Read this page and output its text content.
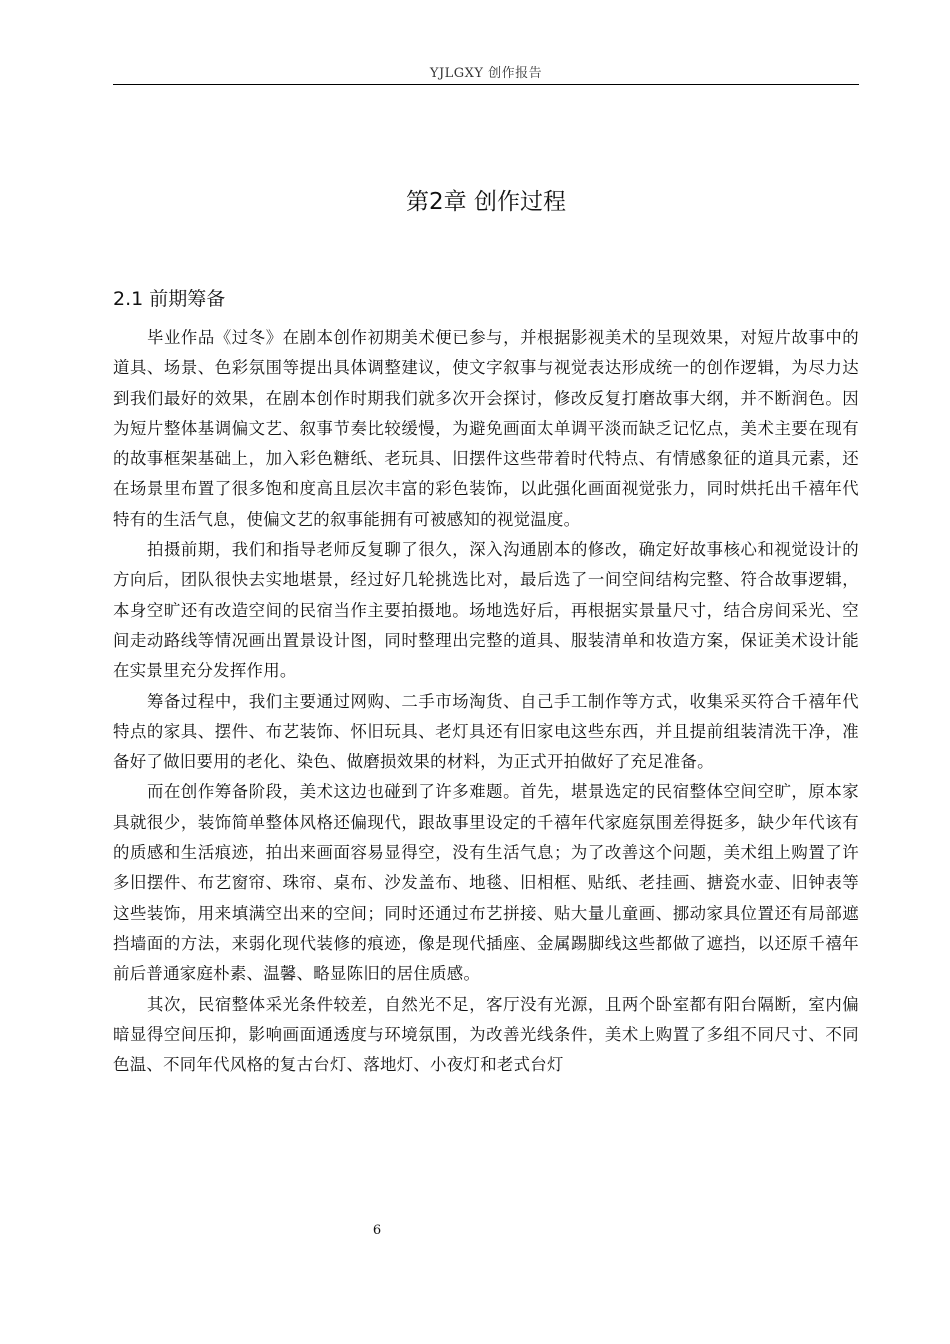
YJLGXY 创作报告
第2章 创作过程
2.1 前期筹备

毕业作品《过冬》在剧本创作初期美术便已参与，并根据影视美术的呈现效果，对短片故事中的道具、场景、色彩氛围等提出具体调整建议，使文字叙事与视觉表达形成统一的创作逻辑，为尽力达到我们最好的效果，在剧本创作时期我们就多次开会探讨，修改反复打磨故事大纲，并不断润色。因为短片整体基调偏文艺、叙事节奏比较缓慢，为避免画面太单调平淡而缺乏记忆点，美术主要在现有的故事框架基础上，加入彩色糖纸、老玩具、旧摆件这些带着时代特点、有情感象征的道具元素，还在场景里布置了很多饱和度高且层次丰富的彩色装饰，以此强化画面视觉张力，同时烘托出千禧年代特有的生活气息，使偏文艺的叙事能拥有可被感知的视觉温度。

拍摄前期，我们和指导老师反复聊了很久，深入沟通剧本的修改，确定好故事核心和视觉设计的方向后，团队很快去实地堪景，经过好几轮挑选比对，最后选了一间空间结构完整、符合故事逻辑，本身空旷还有改造空间的民宿当作主要拍摄地。场地选好后，再根据实景量尺寸，结合房间采光、空间走动路线等情况画出置景设计图，同时整理出完整的道具、服装清单和妆造方案，保证美术设计能在实景里充分发挥作用。

筹备过程中，我们主要通过网购、二手市场淘货、自己手工制作等方式，收集采买符合千禧年代特点的家具、摆件、布艺装饰、怀旧玩具、老灯具还有旧家电这些东西，并且提前组装清洗干净，准备好了做旧要用的老化、染色、做磨损效果的材料，为正式开拍做好了充足准备。

而在创作筹备阶段，美术这边也碰到了许多难题。首先，堪景选定的民宿整体空间空旷，原本家具就很少，装饰简单整体风格还偏现代，跟故事里设定的千禧年代家庭氛围差得挺多，缺少年代该有的质感和生活痕迹，拍出来画面容易显得空，没有生活气息；为了改善这个问题，美术组上购置了许多旧摆件、布艺窗帘、珠帘、桌布、沙发盖布、地毯、旧相框、贴纸、老挂画、搪瓷水壶、旧钟表等这些装饰，用来填满空出来的空间；同时还通过布艺拼接、贴大量儿童画、挪动家具位置还有局部遮挡墙面的方法，来弱化现代装修的痕迹，像是现代插座、金属踢脚线这些都做了遮挡，以还原千禧年前后普通家庭朴素、温馨、略显陈旧的居住质感。

其次，民宿整体采光条件较差，自然光不足，客厅没有光源，且两个卧室都有阳台隔断，室内偏暗显得空间压抑，影响画面通透度与环境氛围，为改善光线条件，美术上购置了多组不同尺寸、不同色温、不同年代风格的复古台灯、落地灯、小夜灯和老式台灯

6
